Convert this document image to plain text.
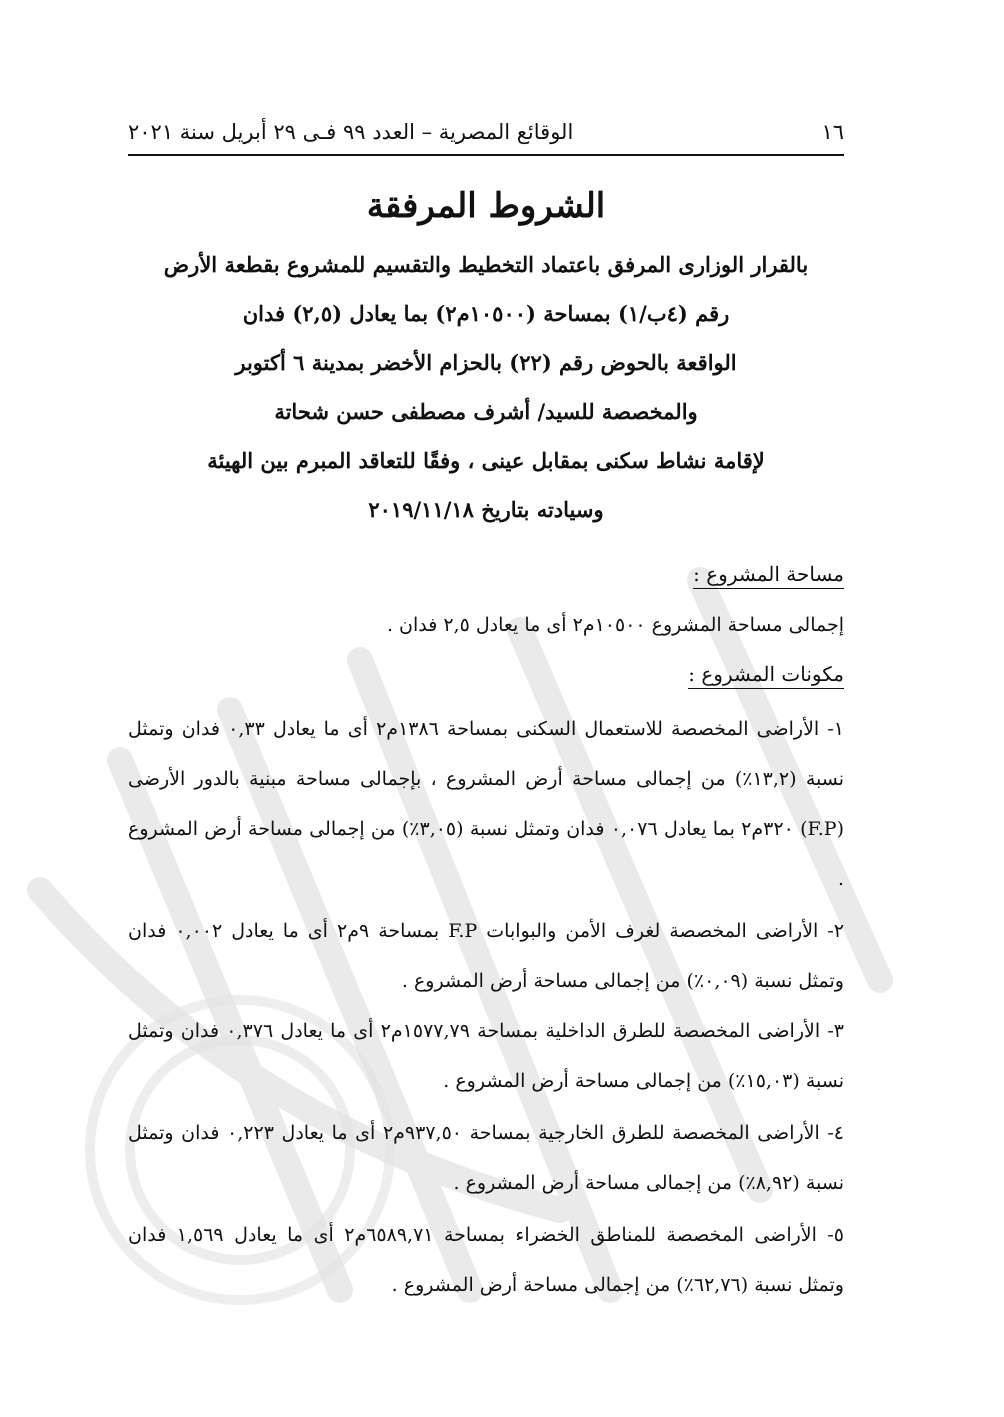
١٦
الوقائع المصرية – العدد ٩٩ فـى ٢٩ أبريل سنة ٢٠٢١
الشروط المرفقة
بالقرار الوزارى المرفق باعتماد التخطيط والتقسيم للمشروع بقطعة الأرض
رقم (٤ب/١) بمساحة (١٠٥٠٠م٢) بما يعادل (٢,٥) فدان
الواقعة بالحوض رقم (٢٢) بالحزام الأخضر بمدينة ٦ أكتوبر
والمخصصة للسيد/ أشرف مصطفى حسن شحاتة
لإقامة نشاط سكنى بمقابل عينى ، وفقًا للتعاقد المبرم بين الهيئة
وسيادته بتاريخ ٢٠١٩/١١/١٨
مساحة المشروع :
إجمالى مساحة المشروع ١٠٥٠٠م٢ أى ما يعادل ٢,٥ فدان .
مكونات المشروع :
١- الأراضى المخصصة للاستعمال السكنى بمساحة ١٣٨٦م٢ أى ما يعادل ٠,٣٣ فدان وتمثل نسبة (١٣,٢٪) من إجمالى مساحة أرض المشروع ، بإجمالى مساحة مبنية بالدور الأرضى (F.P) ٣٢٠م٢ بما يعادل ٠,٠٧٦ فدان وتمثل نسبة (٣,٠٥٪) من إجمالى مساحة أرض المشروع .
٢- الأراضى المخصصة لغرف الأمن والبوابات F.P بمساحة ٩م٢ أى ما يعادل ٠,٠٠٢ فدان وتمثل نسبة (٠,٠٩٪) من إجمالى مساحة أرض المشروع .
٣- الأراضى المخصصة للطرق الداخلية بمساحة ١٥٧٧,٧٩م٢ أى ما يعادل ٠,٣٧٦ فدان وتمثل نسبة (١٥,٠٣٪) من إجمالى مساحة أرض المشروع .
٤- الأراضى المخصصة للطرق الخارجية بمساحة ٩٣٧,٥٠م٢ أى ما يعادل ٠,٢٢٣ فدان وتمثل نسبة (٨,٩٢٪) من إجمالى مساحة أرض المشروع .
٥- الأراضى المخصصة للمناطق الخضراء بمساحة ٦٥٨٩,٧١م٢ أى ما يعادل ١,٥٦٩ فدان وتمثل نسبة (٦٢,٧٦٪) من إجمالى مساحة أرض المشروع .
